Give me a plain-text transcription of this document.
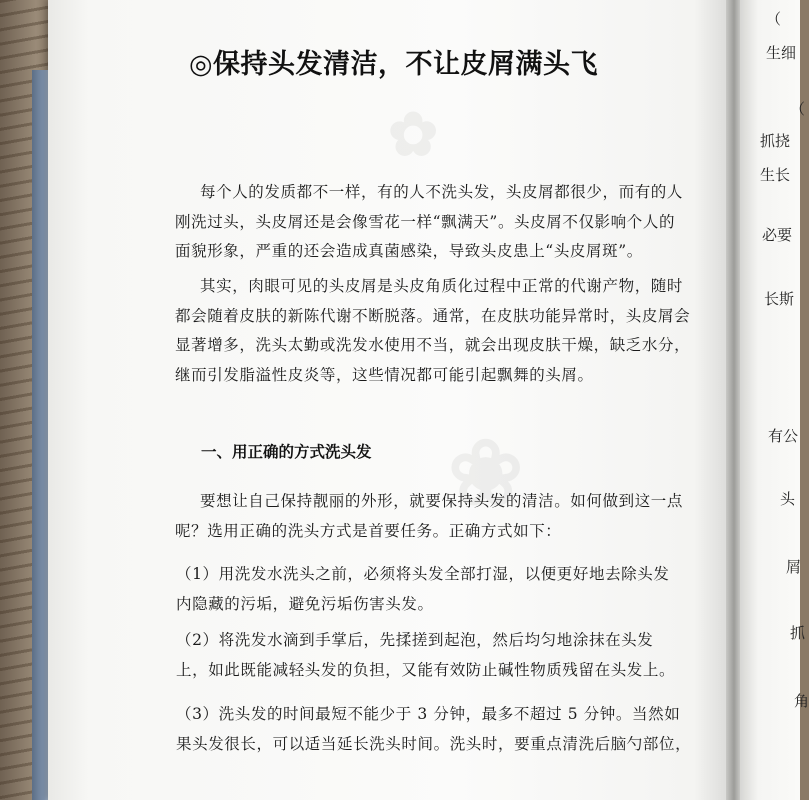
✿
❀
（
生细
（
抓挠
生长
必要
长斯
有公
头
屑
抓
角
◎保持头发清洁，不让皮屑满头飞
每个人的发质都不一样，有的人不洗头发，头皮屑都很少，而有的人
刚洗过头，头皮屑还是会像雪花一样“飘满天”。头皮屑不仅影响个人的
面貌形象，严重的还会造成真菌感染，导致头皮患上“头皮屑斑”。
其实，肉眼可见的头皮屑是头皮角质化过程中正常的代谢产物，随时
都会随着皮肤的新陈代谢不断脱落。通常，在皮肤功能异常时，头皮屑会
显著增多，洗头太勤或洗发水使用不当，就会出现皮肤干燥，缺乏水分，
继而引发脂溢性皮炎等，这些情况都可能引起飘舞的头屑。
一、用正确的方式洗头发
要想让自己保持靓丽的外形，就要保持头发的清洁。如何做到这一点
呢？选用正确的洗头方式是首要任务。正确方式如下：
（1）用洗发水洗头之前，必须将头发全部打湿，以便更好地去除头发
内隐藏的污垢，避免污垢伤害头发。
（2）将洗发水滴到手掌后，先揉搓到起泡，然后均匀地涂抹在头发
上，如此既能减轻头发的负担，又能有效防止碱性物质残留在头发上。
（3）洗头发的时间最短不能少于 3 分钟，最多不超过 5 分钟。当然如
果头发很长，可以适当延长洗头时间。洗头时，要重点清洗后脑勺部位，
